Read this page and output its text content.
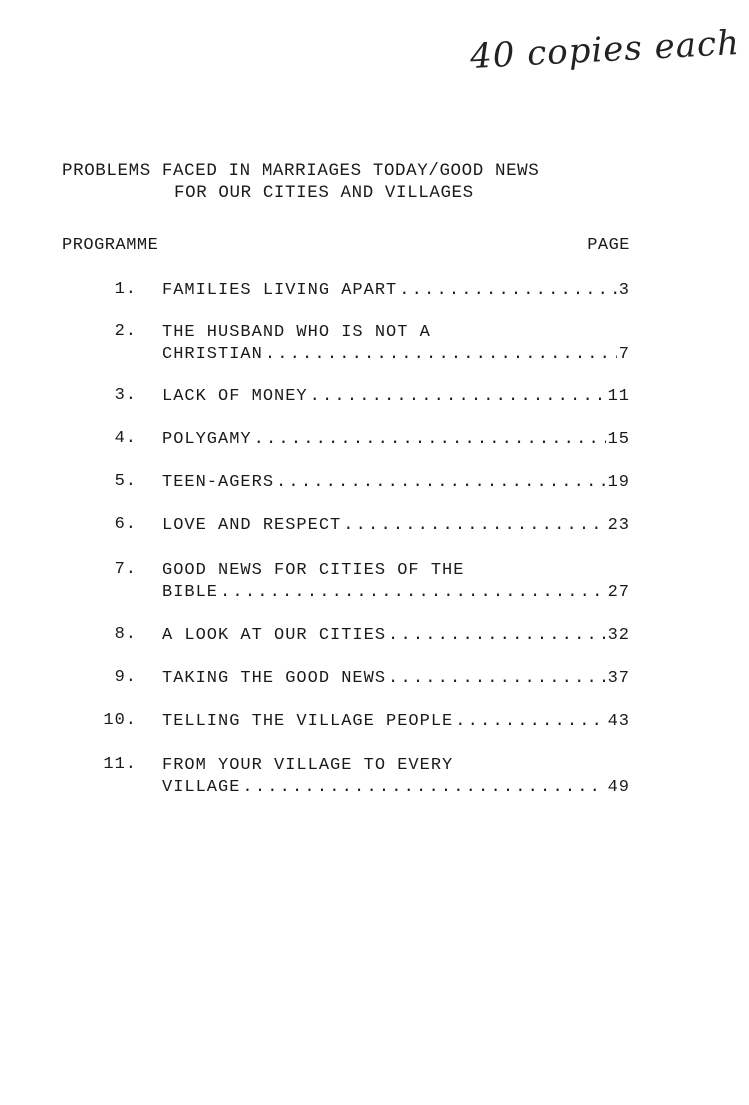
40 copies each
PROBLEMS FACED IN MARRIAGES TODAY/GOOD NEWS
FOR OUR CITIES AND VILLAGES
PROGRAMME	PAGE
1. FAMILIES LIVING APART .....	3
2. THE HUSBAND WHO IS NOT A
CHRISTIAN .....	7
3. LACK OF MONEY .....	11
4. POLYGAMY .....	15
5. TEEN-AGERS .....	19
6. LOVE AND RESPECT .....	23
7. GOOD NEWS FOR CITIES OF THE
BIBLE .....	27
8. A LOOK AT OUR CITIES .....	32
9. TAKING THE GOOD NEWS .....	37
10. TELLING THE VILLAGE PEOPLE .....	43
11. FROM YOUR VILLAGE TO EVERY
VILLAGE .....	49
